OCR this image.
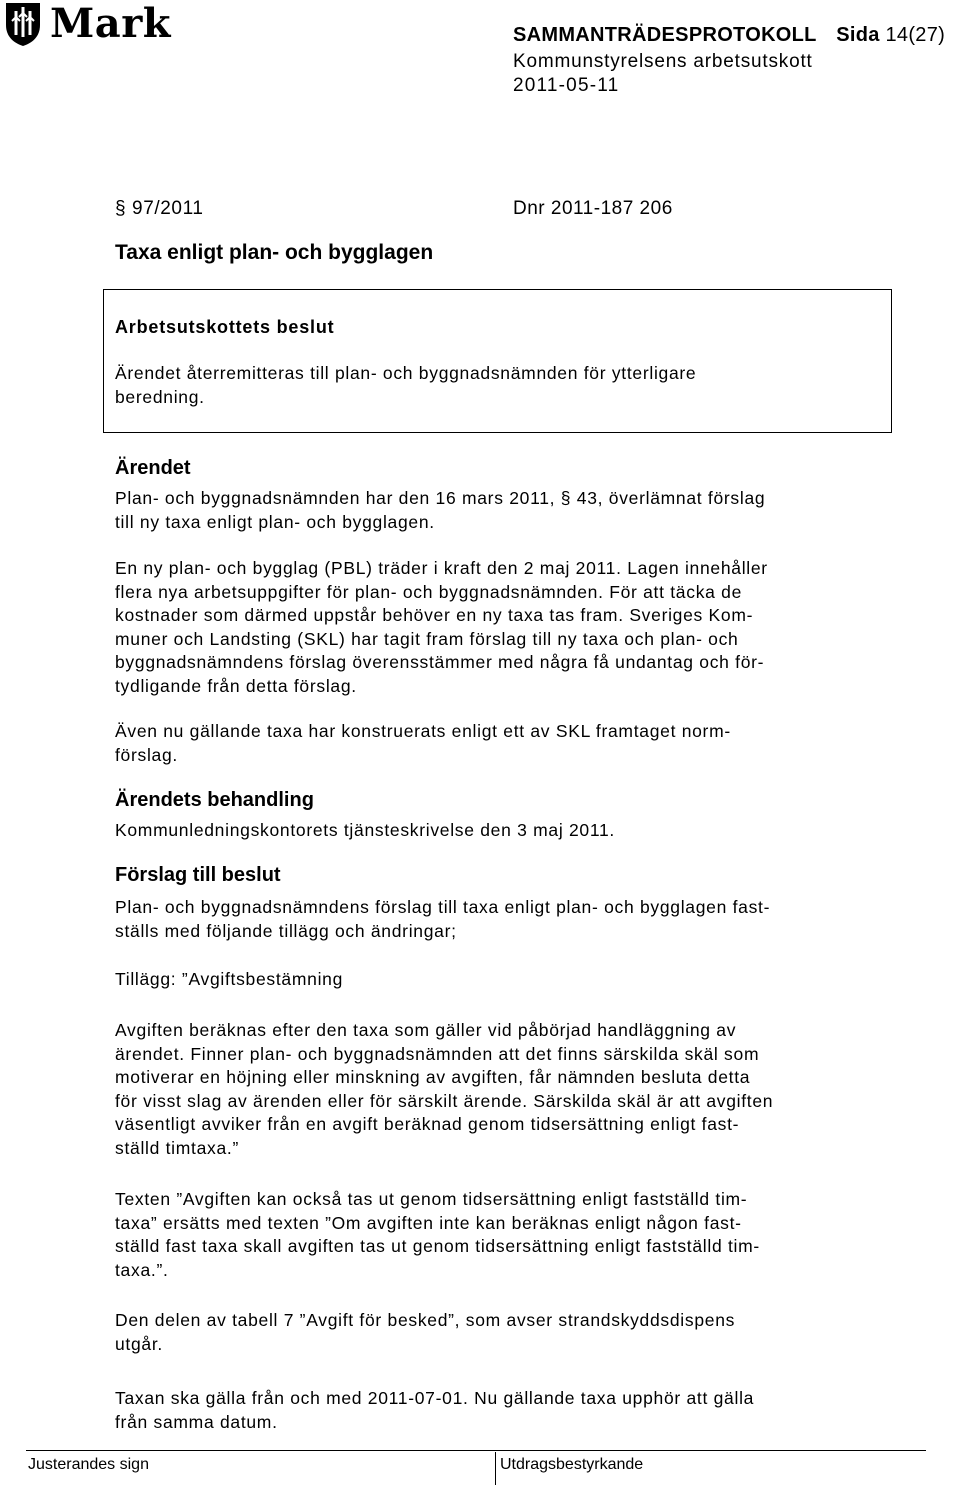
Mark	SAMMANTRÄDESPROTOKOLL Sida 14(27)
Kommunstyrelsens arbetsutskott
2011-05-11
§ 97/2011	Dnr 2011-187 206
Taxa enligt plan- och bygglagen
Arbetsutskottets beslut
Ärendet återremitteras till plan- och byggnadsnämnden för ytterligare
beredning.
Ärendet
Plan- och byggnadsnämnden har den 16 mars 2011, § 43, överlämnat förslag
till ny taxa enligt plan- och bygglagen.
En ny plan- och bygglag (PBL) träder i kraft den 2 maj 2011. Lagen innehåller
flera nya arbetsuppgifter för plan- och byggnadsnämnden. För att täcka de
kostnader som därmed uppstår behöver en ny taxa tas fram. Sveriges Kom-
muner och Landsting (SKL) har tagit fram förslag till ny taxa och plan- och
byggnadsnämndens förslag överensstämmer med några få undantag och för-
tydligande från detta förslag.
Även nu gällande taxa har konstruerats enligt ett av SKL framtaget norm-
förslag.
Ärendets behandling
Kommunledningskontorets tjänsteskrivelse den 3 maj 2011.
Förslag till beslut
Plan- och byggnadsnämndens förslag till taxa enligt plan- och bygglagen fast-
ställs med följande tillägg och ändringar;
Tillägg: ”Avgiftsbestämning
Avgiften beräknas efter den taxa som gäller vid påbörjad handläggning av
ärendet. Finner plan- och byggnadsnämnden att det finns särskilda skäl som
motiverar en höjning eller minskning av avgiften, får nämnden besluta detta
för visst slag av ärenden eller för särskilt ärende. Särskilda skäl är att avgiften
väsentligt avviker från en avgift beräknad genom tidsersättning enligt fast-
ställd timtaxa.”
Texten ”Avgiften kan också tas ut genom tidsersättning enligt fastställd tim-
taxa” ersätts med texten ”Om avgiften inte kan beräknas enligt någon fast-
ställd fast taxa skall avgiften tas ut genom tidsersättning enligt fastställd tim-
taxa.”.
Den delen av tabell 7 ”Avgift för besked”, som avser strandskyddsdispens
utgår.
Taxan ska gälla från och med 2011-07-01. Nu gällande taxa upphör att gälla
från samma datum.
Justerandes sign	Utdragsbestyrkande
